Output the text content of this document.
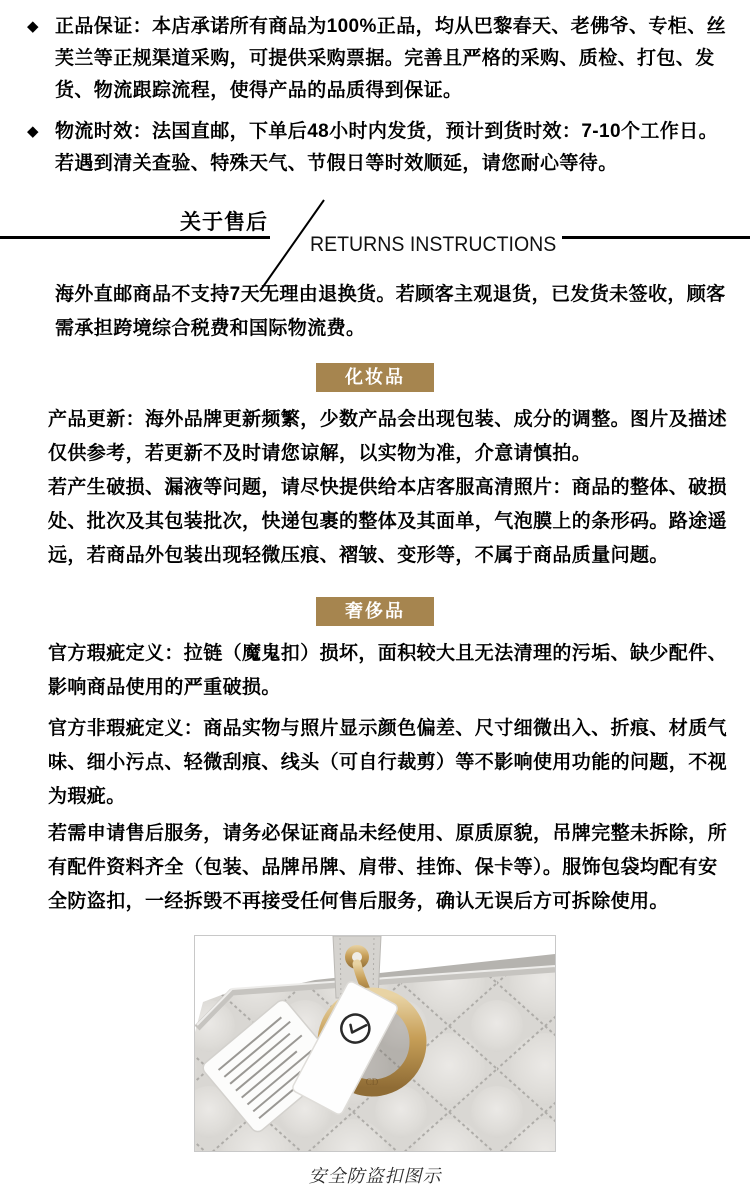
◆ 正品保证：本店承诺所有商品为100%正品，均从巴黎春天、老佛爷、专柜、丝芙兰等正规渠道采购，可提供采购票据。完善且严格的采购、质检、打包、发货、物流跟踪流程，使得产品的品质得到保证。

◆ 物流时效：法国直邮，下单后48小时内发货，预计到货时效：7-10个工作日。若遇到清关查验、特殊天气、节假日等时效顺延，请您耐心等待。

关于售后
RETURNS INSTRUCTIONS

海外直邮商品不支持7天无理由退换货。若顾客主观退货，已发货未签收，顾客需承担跨境综合税费和国际物流费。

化妆品

产品更新：海外品牌更新频繁，少数产品会出现包装、成分的调整。图片及描述仅供参考，若更新不及时请您谅解，以实物为准，介意请慎拍。

若产生破损、漏液等问题，请尽快提供给本店客服高清照片：商品的整体、破损处、批次及其包装批次，快递包裹的整体及其面单，气泡膜上的条形码。路途遥远，若商品外包装出现轻微压痕、褶皱、变形等，不属于商品质量问题。

奢侈品

官方瑕疵定义：拉链（魔鬼扣）损坏，面积较大且无法清理的污垢、缺少配件、影响商品使用的严重破损。

官方非瑕疵定义：商品实物与照片显示颜色偏差、尺寸细微出入、折痕、材质气味、细小污点、轻微刮痕、线头（可自行裁剪）等不影响使用功能的问题，不视为瑕疵。

若需申请售后服务，请务必保证商品未经使用、原质原貌，吊牌完整未拆除，所有配件资料齐全（包装、品牌吊牌、肩带、挂饰、保卡等）。服饰包袋均配有安全防盗扣，一经拆毁不再接受任何售后服务，确认无误后方可拆除使用。

CD
安全防盗扣图示
